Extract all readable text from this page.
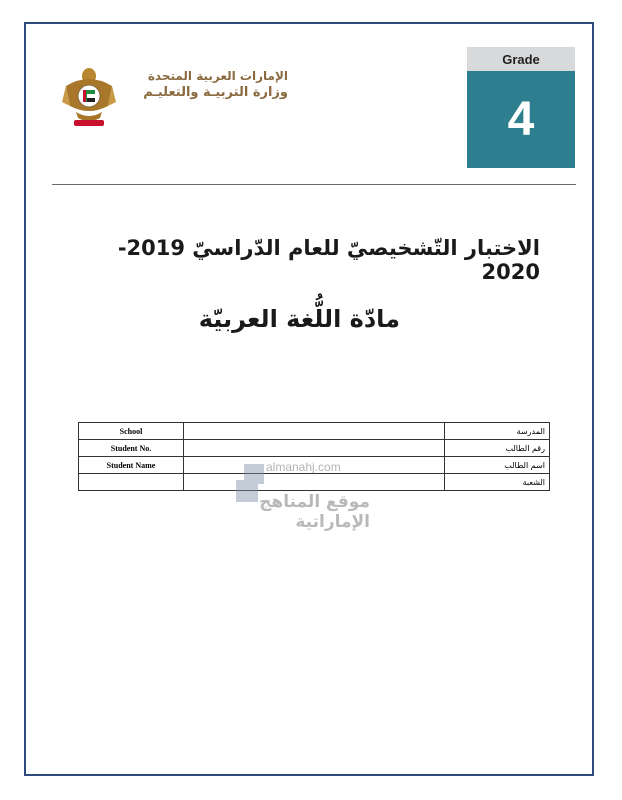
الإمارات العربية المتحدة
وزارة التربيـة والتعليـم
Grade
4
الاختبار التّشخيصيّ للعام الدّراسيّ 2019-2020
مادّة اللُّغة العربيّة
School		المدرسة
Student No.		رقم الطالب
Student Name		اسم الطالب
		الشعبة
almanahj.com
موقع المناهج الإماراتية
